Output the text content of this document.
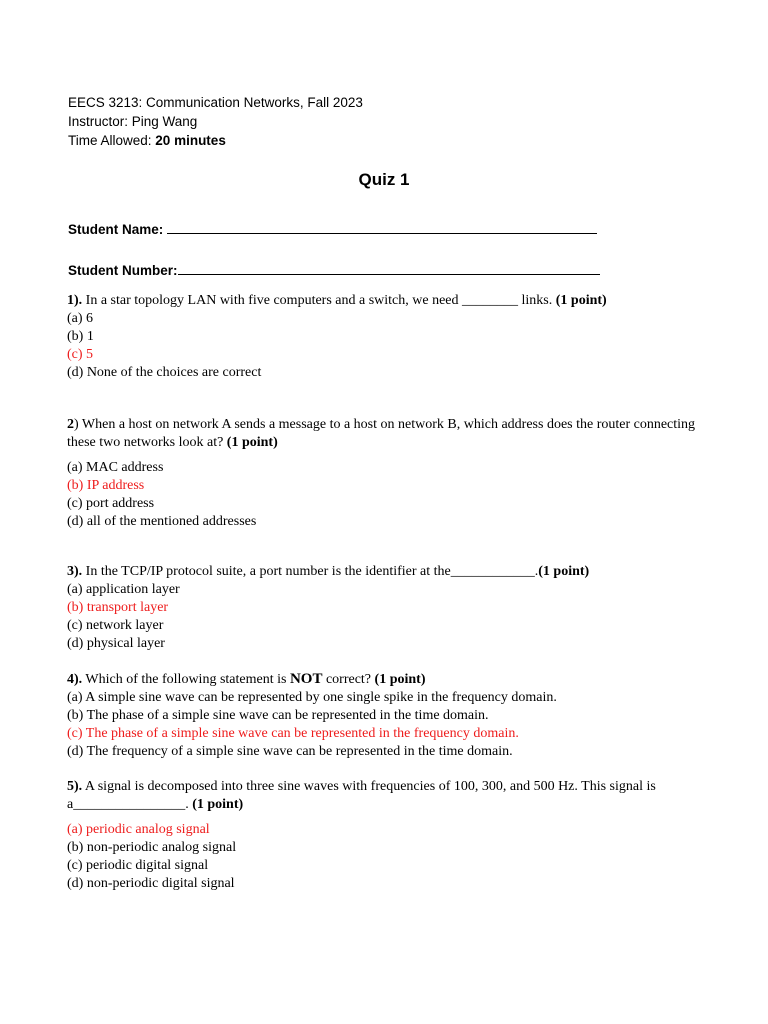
EECS 3213: Communication Networks, Fall 2023
Instructor: Ping Wang
Time Allowed: 20 minutes
Quiz 1
Student Name:
Student Number:
1). In a star topology LAN with five computers and a switch, we need ________ links. (1 point)
(a) 6
(b) 1
(c) 5
(d) None of the choices are correct
2) When a host on network A sends a message to a host on network B, which address does the router connecting these two networks look at? (1 point)
(a) MAC address
(b) IP address
(c) port address
(d) all of the mentioned addresses
3). In the TCP/IP protocol suite, a port number is the identifier at the____________.(1 point)
(a) application layer
(b) transport layer
(c) network layer
(d) physical layer
4). Which of the following statement is NOT correct? (1 point)
(a) A simple sine wave can be represented by one single spike in the frequency domain.
(b) The phase of a simple sine wave can be represented in the time domain.
(c) The phase of a simple sine wave can be represented in the frequency domain.
(d) The frequency of a simple sine wave can be represented in the time domain.
5). A signal is decomposed into three sine waves with frequencies of 100, 300, and 500 Hz. This signal is a________________. (1 point)
(a) periodic analog signal
(b) non-periodic analog signal
(c) periodic digital signal
(d) non-periodic digital signal
